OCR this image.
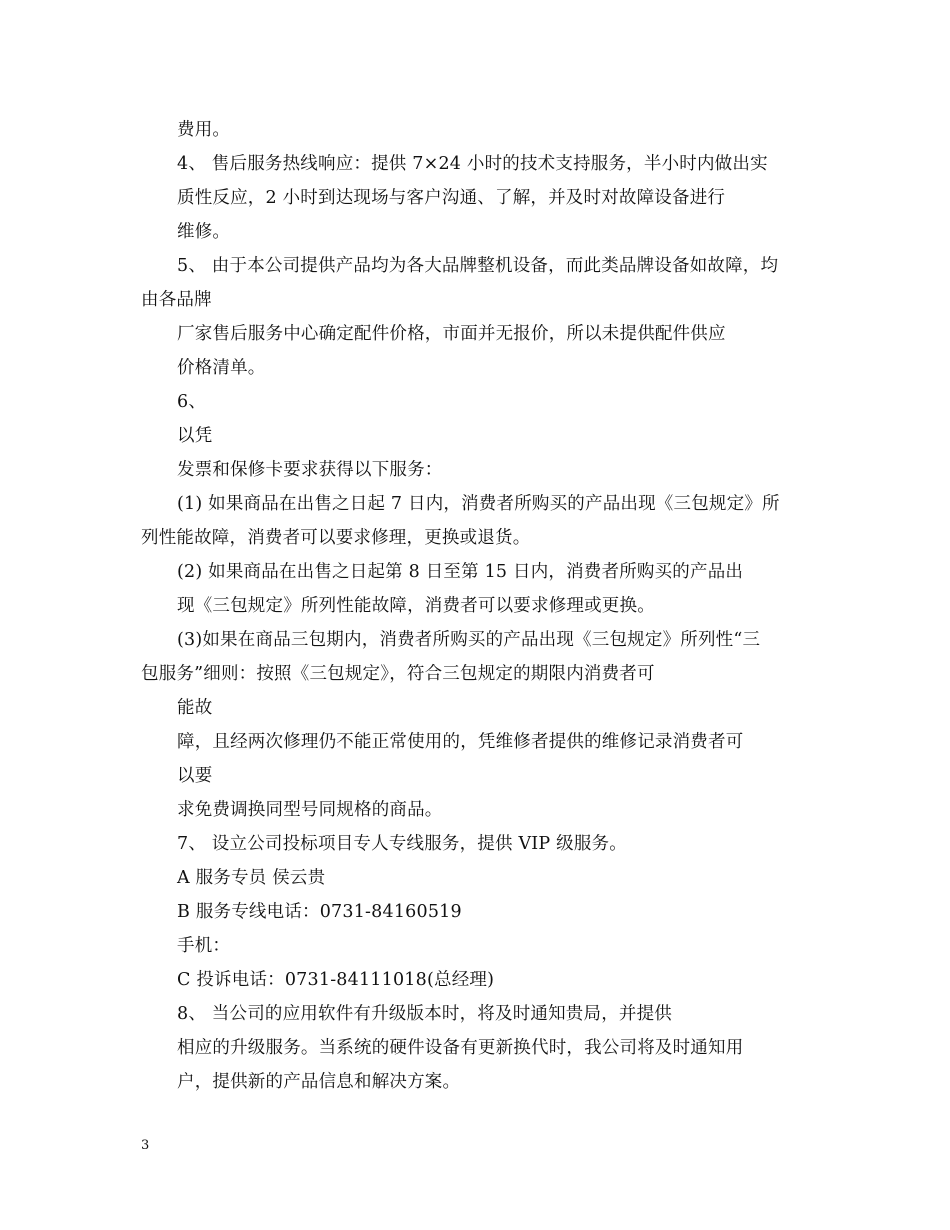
费用。
4、 售后服务热线响应：提供 7×24 小时的技术支持服务，半小时内做出实
质性反应，2 小时到达现场与客户沟通、了解，并及时对故障设备进行
维修。
5、 由于本公司提供产品均为各大品牌整机设备，而此类品牌设备如故障，均
由各品牌
厂家售后服务中心确定配件价格，市面并无报价，所以未提供配件供应
价格清单。
6、
以凭
发票和保修卡要求获得以下服务：
(1) 如果商品在出售之日起 7 日内，消费者所购买的产品出现《三包规定》所
列性能故障，消费者可以要求修理，更换或退货。
(2) 如果商品在出售之日起第 8 日至第 15 日内，消费者所购买的产品出
现《三包规定》所列性能故障，消费者可以要求修理或更换。
(3)如果在商品三包期内，消费者所购买的产品出现《三包规定》所列性“三
包服务”细则：按照《三包规定》，符合三包规定的期限内消费者可
能故
障，且经两次修理仍不能正常使用的，凭维修者提供的维修记录消费者可
以要
求免费调换同型号同规格的商品。
7、 设立公司投标项目专人专线服务，提供 VIP 级服务。
A 服务专员 侯云贵
B 服务专线电话：0731-84160519
手机：
C 投诉电话：0731-84111018(总经理)
8、 当公司的应用软件有升级版本时，将及时通知贵局，并提供
相应的升级服务。当系统的硬件设备有更新换代时，我公司将及时通知用
户，提供新的产品信息和解决方案。
3
